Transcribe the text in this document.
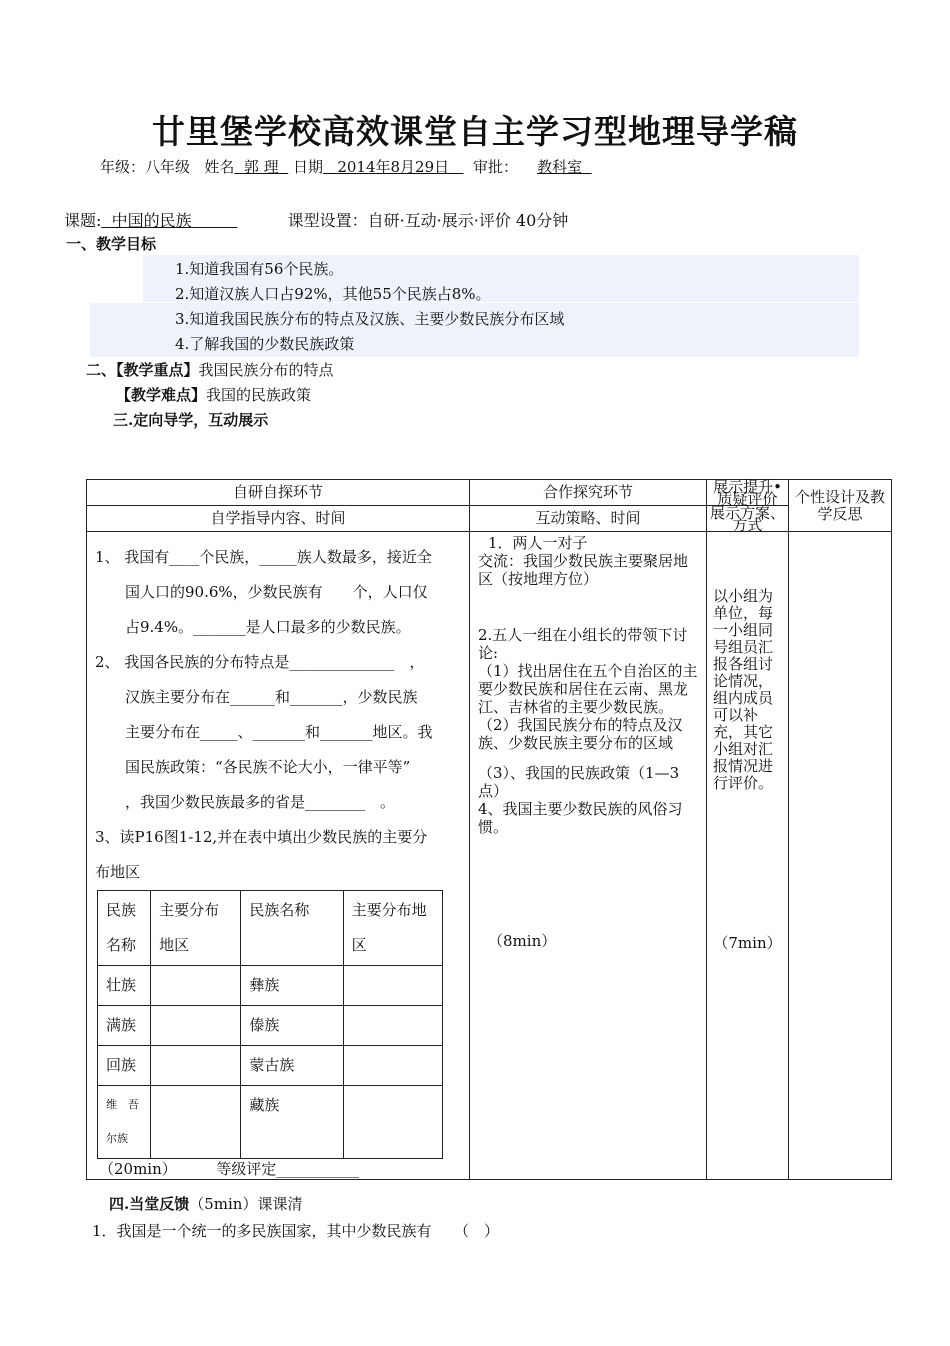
廿里堡学校高效课堂自主学习型地理导学稿
年级：八年级 姓名 郭 理 日期 2014年8月29日 审批： 教科室
课题: 中国的民族	课型设置：自研·互动·展示·评价 40分钟
一、教学目标
1.知道我国有56个民族。
2.知道汉族人口占92%，其他55个民族占8%。
3.知道我国民族分布的特点及汉族、主要少数民族分布区域
4.了解我国的少数民族政策
二、【教学重点】我国民族分布的特点
【教学难点】我国的民族政策
三.定向导学，互动展示
自研自探环节	合作探究环节	展示提升•质疑评价	个性设计及教学反思
自学指导内容、时间	互动策略、时间	展示方案、方式

1、 我国有____个民族，_____族人数最多，接近全
国人口的90.6%，少数民族有　　个，人口仅
占9.4%。_______是人口最多的少数民族。
2、 我国各民族的分布特点是______________　，
汉族主要分布在______和_______，少数民族
主要分布在_____、_______和_______地区。我
国民族政策：“各民族不论大小，一律平等”
，我国少数民族最多的省是________　。
3、读P16图1-12,并在表中填出少数民族的主要分
布地区
民族名称	主要分布地区	民族名称	主要分布地区
壮族		彝族	
满族		傣族	
回族		蒙古族	
维　吾尔族		藏族	
（20min）	等级评定___________

1．两人一对子
交流：我国少数民族主要聚居地区（按地理方位）
2.五人一组在小组长的带领下讨论:
（1）找出居住在五个自治区的主要少数民族和居住在云南、黑龙江、吉林省的主要少数民族。
（2）我国民族分布的特点及汉族、少数民族主要分布的区域
（3）、我国的民族政策（1—3点）
4、我国主要少数民族的风俗习惯。
（8min）

以小组为单位，每一小组同号组员汇报各组讨论情况，组内成员可以补充，其它小组对汇报情况进行评价。
（7min）

四.当堂反馈（5min）课课清
1．我国是一个统一的多民族国家，其中少数民族有　　（　）
